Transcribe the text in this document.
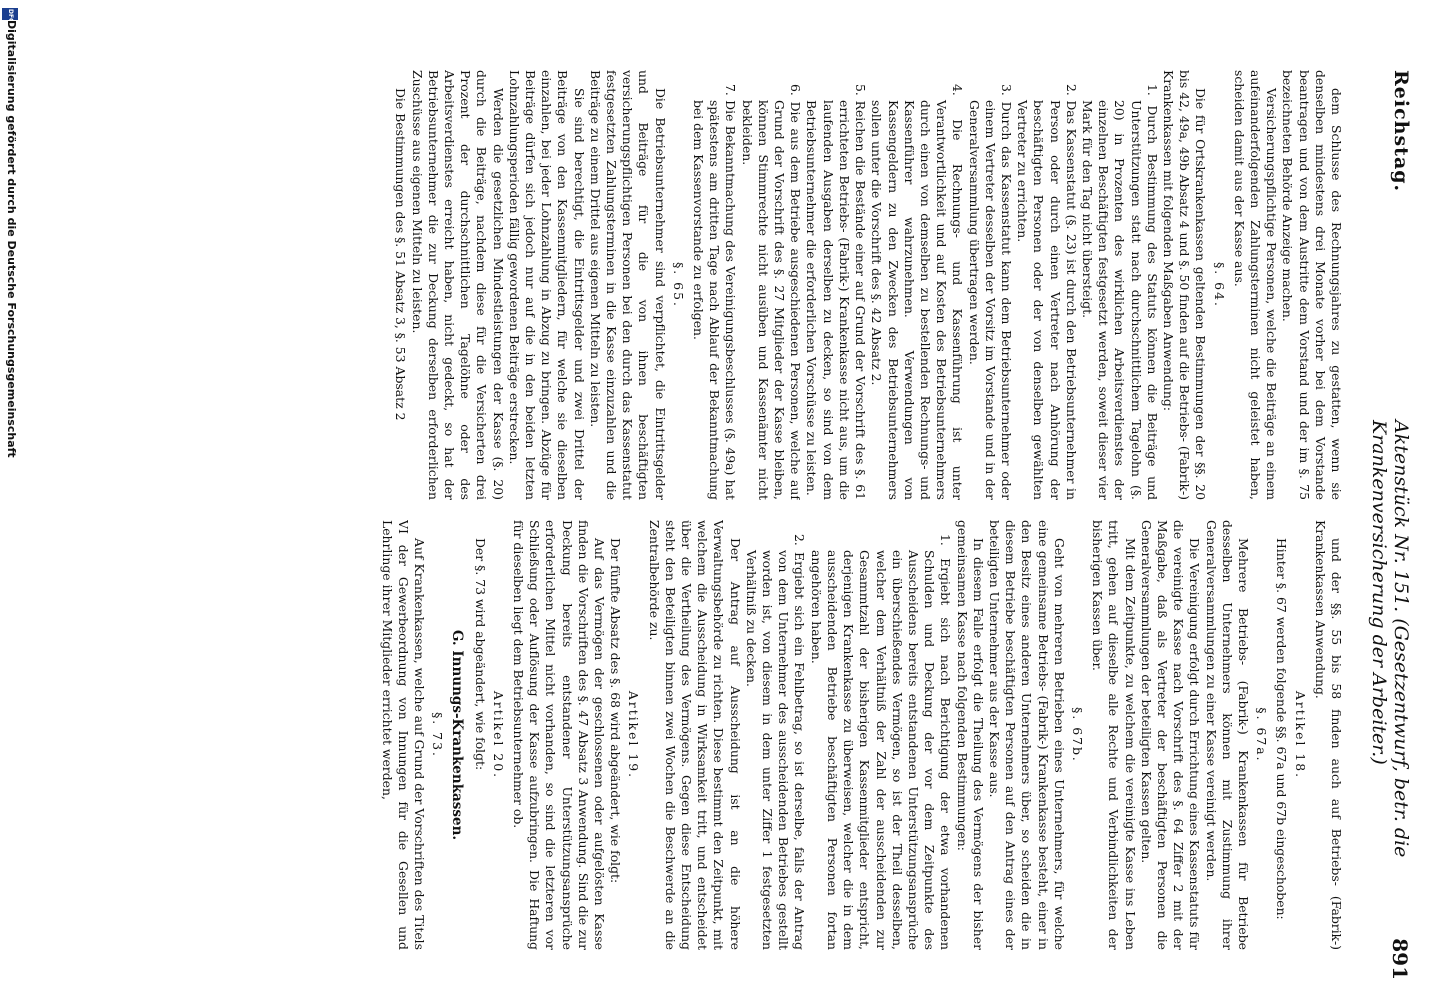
Reichstag.
Aktenstück Nr. 151. (Gesetzentwurf, betr. die Krankenversicherung der Arbeiter.)
891

dem Schlusse des Rechnungsjahres zu gestatten, wenn sie denselben mindestens drei Monate vorher bei dem Vorstande beantragen und von dem Austritte dem Vorstand und der im §. 75 bezeichneten Behörde Anzeige machen.

Versicherungspflichtige Personen, welche die Beiträge an einem aufeinanderfolgenden Zahlungsterminen nicht geleistet haben, scheiden damit aus der Kasse aus.

§. 64.

Die für Ortskrankenkassen geltenden Bestimmungen der §§. 20 bis 42, 49a, 49b Absatz 4 und §. 50 finden auf die Betriebs- (Fabrik-) Krankenkassen mit folgenden Maßgaben Anwendung:

1. Durch Bestimmung des Statuts können die Beiträge und Unterstützungen statt nach durchschnittlichem Tagelohn (§. 20) in Prozenten des wirklichen Arbeitsverdienstes der einzelnen Beschäftigten festgesetzt werden, soweit dieser vier Mark für den Tag nicht übersteigt.

2. Das Kassenstatut (§. 23) ist durch den Betriebsunternehmer in Person oder durch einen Vertreter nach Anhörung der beschäftigten Personen oder der von denselben gewählten Vertreter zu errichten.

3. Durch das Kassenstatut kann dem Betriebsunternehmer oder einem Vertreter desselben der Vorsitz im Vorstande und in der Generalversammlung übertragen werden.

4. Die Rechnungs- und Kassenführung ist unter Verantwortlichkeit und auf Kosten des Betriebsunternehmers durch einen von demselben zu bestellenden Rechnungs- und Kassenführer wahrzunehmen. Verwendungen von Kassengeldern zu den Zwecken des Betriebsunternehmers sollen unter die Vorschrift des §. 42 Absatz 2.

5. Reichen die Bestände einer auf Grund der Vorschrift des §. 61 errichteten Betriebs- (Fabrik-) Krankenkasse nicht aus, um die laufenden Ausgaben derselben zu decken, so sind von dem Betriebsunternehmer die erforderlichen Vorschüsse zu leisten.

6. Die aus dem Betriebe ausgeschiedenen Personen, welche auf Grund der Vorschrift des §. 27 Mitglieder der Kasse bleiben, können Stimmrechte nicht ausüben und Kassenämter nicht bekleiden.

7. Die Bekanntmachung des Vereinigungsbeschlusses (§. 49a) hat spätestens am dritten Tage nach Ablauf der Bekanntmachung bei dem Kassenvorstande zu erfolgen.

§. 65.

Die Betriebsunternehmer sind verpflichtet, die Eintrittsgelder und Beiträge für die von ihnen beschäftigten versicherungspflichtigen Personen bei den durch das Kassenstatut festgesetzten Zahlungsterminen in die Kasse einzuzahlen und die Beiträge zu einem Drittel aus eigenen Mitteln zu leisten.

Sie sind berechtigt, die Eintrittsgelder und zwei Drittel der Beiträge von den Kassenmitgliedern, für welche sie dieselben einzahlen, bei jeder Lohnzahlung in Abzug zu bringen. Abzüge für Beiträge dürfen sich jedoch nur auf die in den beiden letzten Lohnzahlungsperioden fällig gewordenen Beiträge erstrecken.

Werden die gesetzlichen Mindestleistungen der Kasse (§. 20) durch die Beiträge, nachdem diese für die Versicherten drei Prozent der durchschnittlichen Tagelöhne oder des Arbeitsverdienstes erreicht haben, nicht gedeckt, so hat der Betriebsunternehmer die zur Deckung derselben erforderlichen Zuschüsse aus eigenen Mitteln zu leisten.

Die Bestimmungen des §. 51 Absatz 3, §. 53 Absatz 2

und der §§. 55 bis 58 finden auch auf Betriebs- (Fabrik-) Krankenkassen Anwendung.

Artikel 18.

Hinter §. 67 werden folgende §§. 67a und 67b eingeschoben:

§. 67a.

Mehrere Betriebs- (Fabrik-) Krankenkassen für Betriebe desselben Unternehmers können mit Zustimmung ihrer Generalversammlungen zu einer Kasse vereinigt werden.

Die Vereinigung erfolgt durch Errichtung eines Kassenstatuts für die vereinigte Kasse nach Vorschrift des §. 64 Ziffer 2 mit der Maßgabe, daß als Vertreter der beschäftigten Personen die Generalversammlungen der beteiligten Kassen gelten.

Mit dem Zeitpunkte, zu welchem die vereinigte Kasse ins Leben tritt, gehen auf dieselbe alle Rechte und Verbindlichkeiten der bisherigen Kassen über.

§. 67b.

Geht von mehreren Betrieben eines Unternehmers, für welche eine gemeinsame Betriebs- (Fabrik-) Krankenkasse besteht, einer in den Besitz eines anderen Unternehmers über, so scheiden die in diesem Betriebe beschäftigten Personen auf den Antrag eines der beteiligten Unternehmer aus der Kasse aus.

In diesem Falle erfolgt die Theilung des Vermögens der bisher gemeinsamen Kasse nach folgenden Bestimmungen:

1. Ergiebt sich nach Berichtigung der etwa vorhandenen Schulden und Deckung der vor dem Zeitpunkte des Ausscheidens bereits entstandenen Unterstützungsansprüche ein überschießendes Vermögen, so ist der Theil desselben, welcher dem Verhältniß der Zahl der ausscheidenden zur Gesammtzahl der bisherigen Kassenmitglieder entspricht, derjenigen Krankenkasse zu überweisen, welcher die in dem ausscheidenden Betriebe beschäftigten Personen fortan angehören haben.

2. Ergiebt sich ein Fehlbetrag, so ist derselbe, falls der Antrag von dem Unternehmer des ausscheidenden Betriebes gestellt worden ist, von diesem in dem unter Ziffer 1 festgesetzten Verhältniß zu decken.

Der Antrag auf Ausscheidung ist an die höhere Verwaltungsbehörde zu richten. Diese bestimmt den Zeitpunkt, mit welchem die Ausscheidung in Wirksamkeit tritt, und entscheidet über die Vertheilung des Vermögens. Gegen diese Entscheidung steht den Beteiligten binnen zwei Wochen die Beschwerde an die Zentralbehörde zu.

Artikel 19.

Der fünfte Absatz des §. 68 wird abgeändert, wie folgt:

Auf das Vermögen der geschlossenen oder aufgelösten Kasse finden die Vorschriften des §. 47 Absatz 3 Anwendung. Sind die zur Deckung bereits entstandener Unterstützungsansprüche erforderlichen Mittel nicht vorhanden, so sind die letzteren vor Schließung oder Auflösung der Kasse aufzubringen. Die Haftung für dieselben liegt dem Betriebsunternehmer ob.

Artikel 20.

Der §. 73 wird abgeändert, wie folgt:

G. Innungs-Krankenkassen.

§. 73.

Auf Krankenkassen, welche auf Grund der Vorschriften des Titels VI der Gewerbeordnung von Innungen für die Gesellen und Lehrlinge ihrer Mitglieder errichtet werden,

DFG
Digitalisierung gefördert durch die Deutsche Forschungsgemeinschaft
